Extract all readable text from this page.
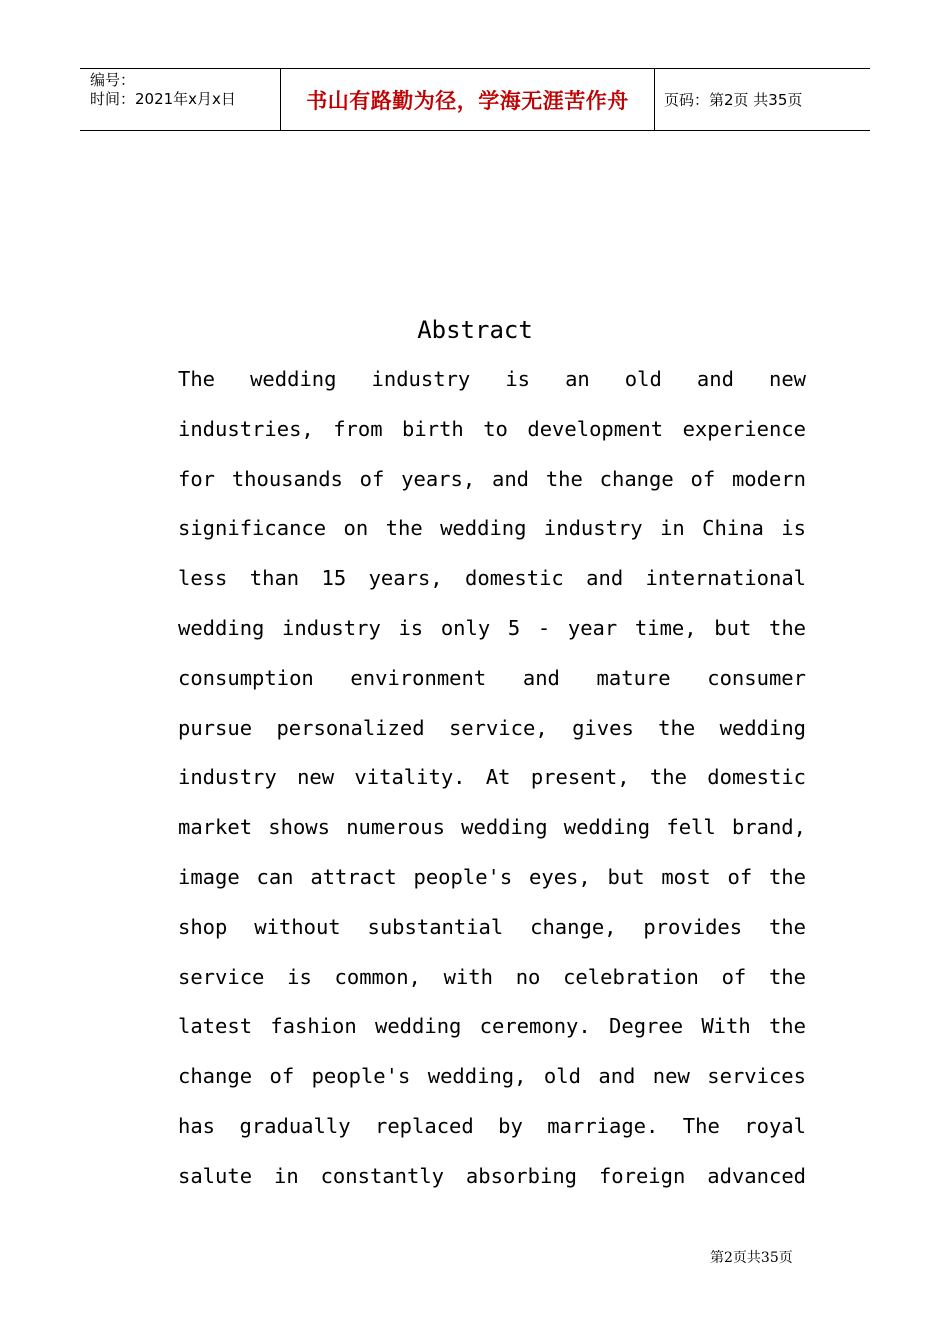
编号：
时间：2021年x月x日	书山有路勤为径，学海无涯苦作舟 页码：第2页 共35页
Abstract
The wedding industry is an old and new
industries, from birth to development experience
for thousands of years, and the change of modern
significance on the wedding industry in China is
less than 15 years, domestic and international
wedding industry is only 5 - year time, but the
consumption environment and mature consumer
pursue personalized service, gives the wedding
industry new vitality. At present, the domestic
market shows numerous wedding wedding fell brand,
image can attract people's eyes, but most of the
shop without substantial change, provides the
service is common, with no celebration of the
latest fashion wedding ceremony. Degree With the
change of people's wedding, old and new services
has gradually replaced by marriage. The royal
salute in constantly absorbing foreign advanced
第2页共35页
